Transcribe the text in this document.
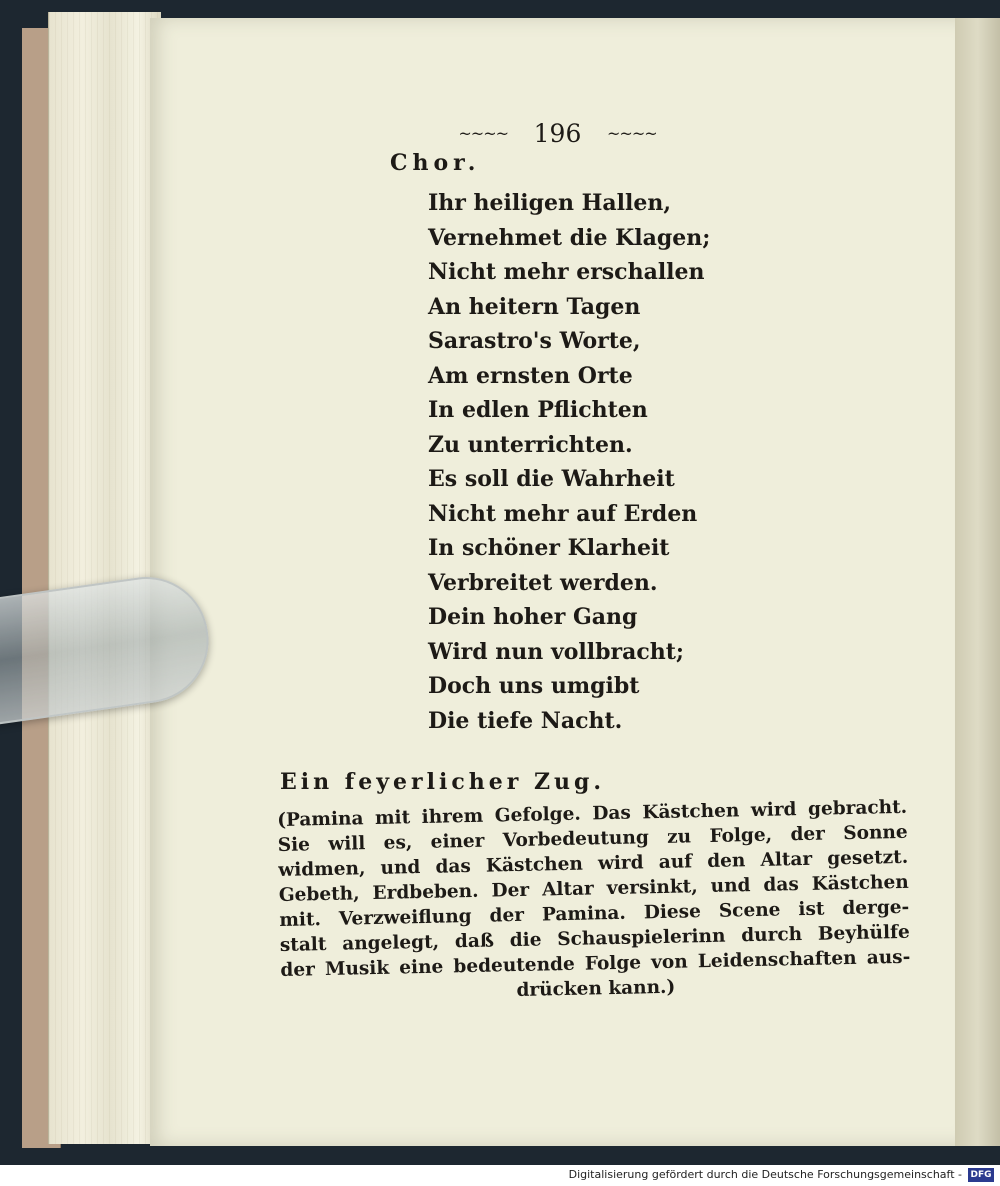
~~~~ 196 ~~~~
Chor.
Ihr heiligen Hallen,
Vernehmet die Klagen;
Nicht mehr erschallen
An heitern Tagen
Sarastro's Worte,
Am ernsten Orte
In edlen Pflichten
Zu unterrichten.
Es soll die Wahrheit
Nicht mehr auf Erden
In schöner Klarheit
Verbreitet werden.
Dein hoher Gang
Wird nun vollbracht;
Doch uns umgibt
Die tiefe Nacht.
Ein feyerlicher Zug.
(Pamina mit ihrem Gefolge. Das Kästchen wird gebracht.
Sie will es, einer Vorbedeutung zu Folge, der Sonne
widmen, und das Kästchen wird auf den Altar gesetzt.
Gebeth, Erdbeben. Der Altar versinkt, und das Kästchen
mit. Verzweiflung der Pamina. Diese Scene ist derge-
stalt angelegt, daß die Schauspielerinn durch Beyhülfe
der Musik eine bedeutende Folge von Leidenschaften aus-
drücken kann.)
Digitalisierung gefördert durch die Deutsche Forschungsgemeinschaft - DFG
